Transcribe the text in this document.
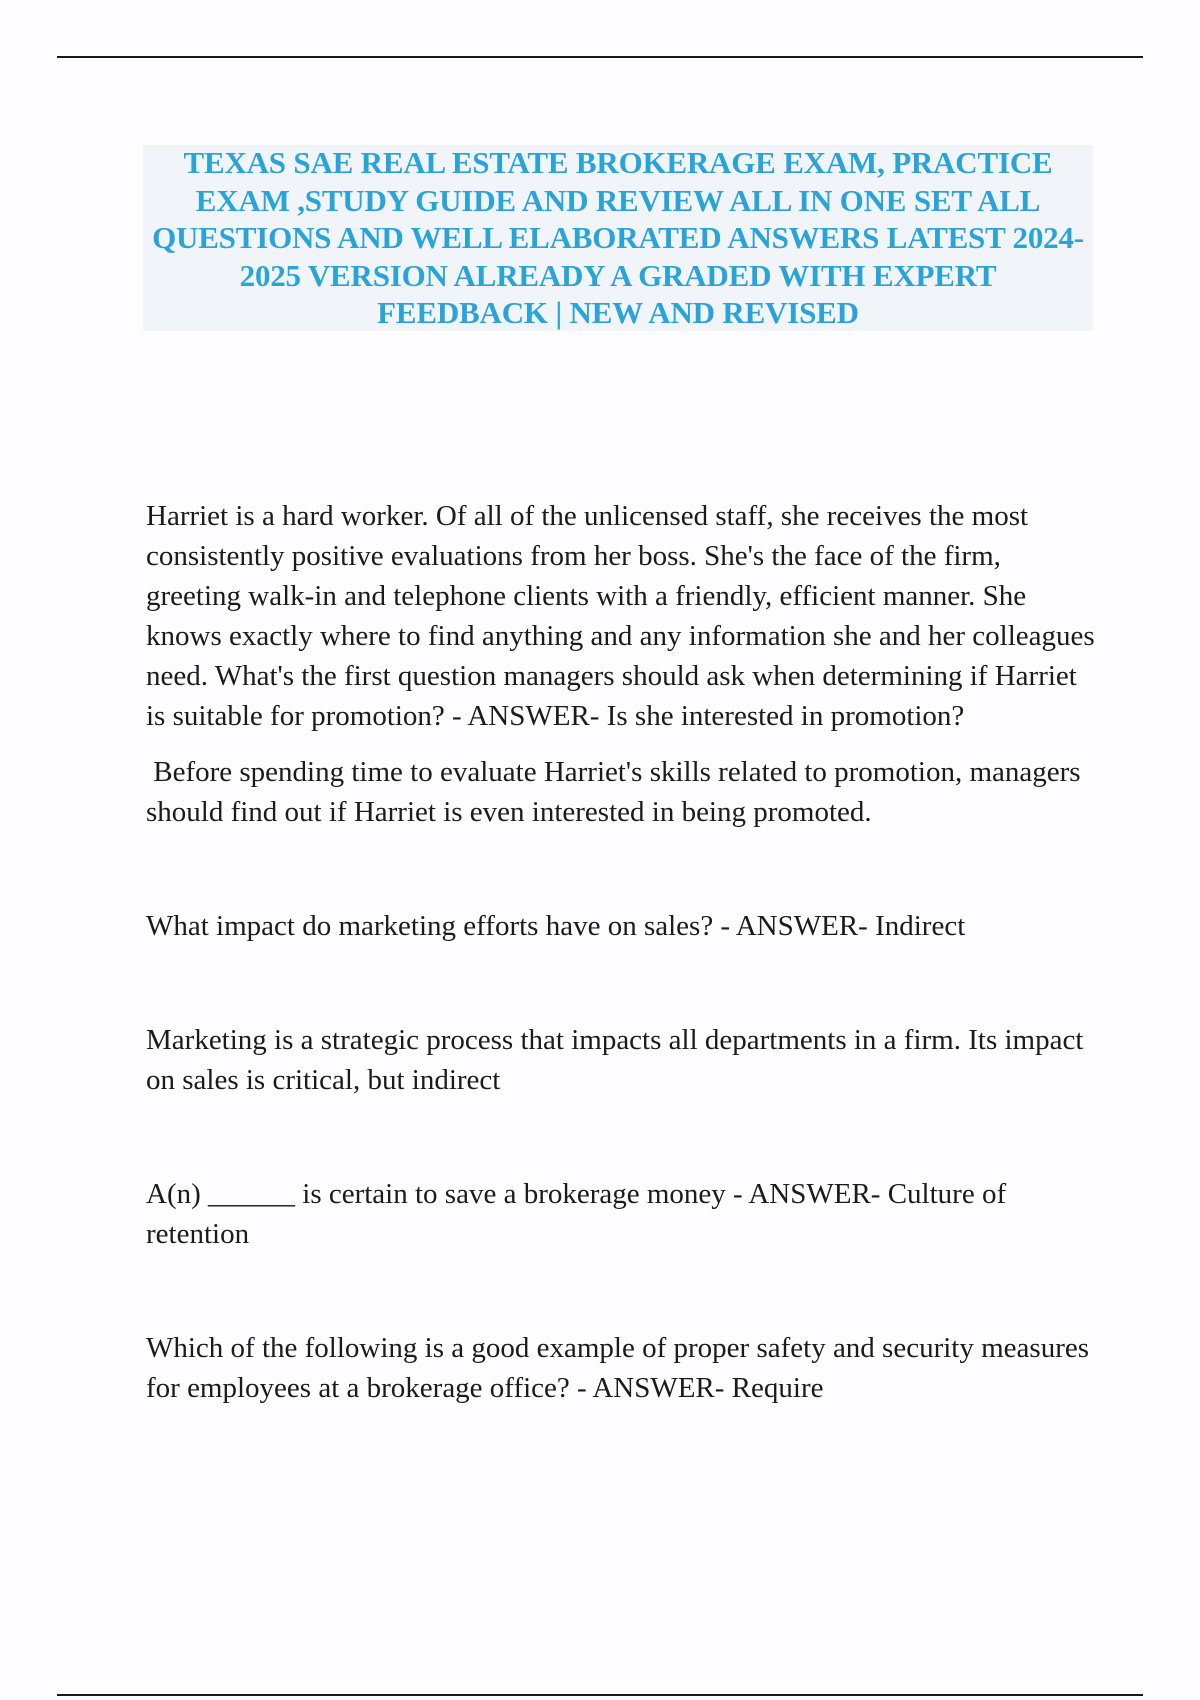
TEXAS SAE REAL ESTATE BROKERAGE EXAM, PRACTICE EXAM ,STUDY GUIDE AND REVIEW ALL IN ONE SET ALL QUESTIONS AND WELL ELABORATED ANSWERS LATEST 2024-2025 VERSION ALREADY A GRADED WITH EXPERT FEEDBACK | NEW AND REVISED

Harriet is a hard worker. Of all of the unlicensed staff, she receives the most consistently positive evaluations from her boss. She's the face of the firm, greeting walk-in and telephone clients with a friendly, efficient manner. She knows exactly where to find anything and any information she and her colleagues need. What's the first question managers should ask when determining if Harriet is suitable for promotion? - ANSWER- Is she interested in promotion?

Before spending time to evaluate Harriet's skills related to promotion, managers should find out if Harriet is even interested in being promoted.

What impact do marketing efforts have on sales? - ANSWER- Indirect

Marketing is a strategic process that impacts all departments in a firm. Its impact on sales is critical, but indirect

A(n) ______ is certain to save a brokerage money - ANSWER- Culture of retention

Which of the following is a good example of proper safety and security measures for employees at a brokerage office? - ANSWER- Require
